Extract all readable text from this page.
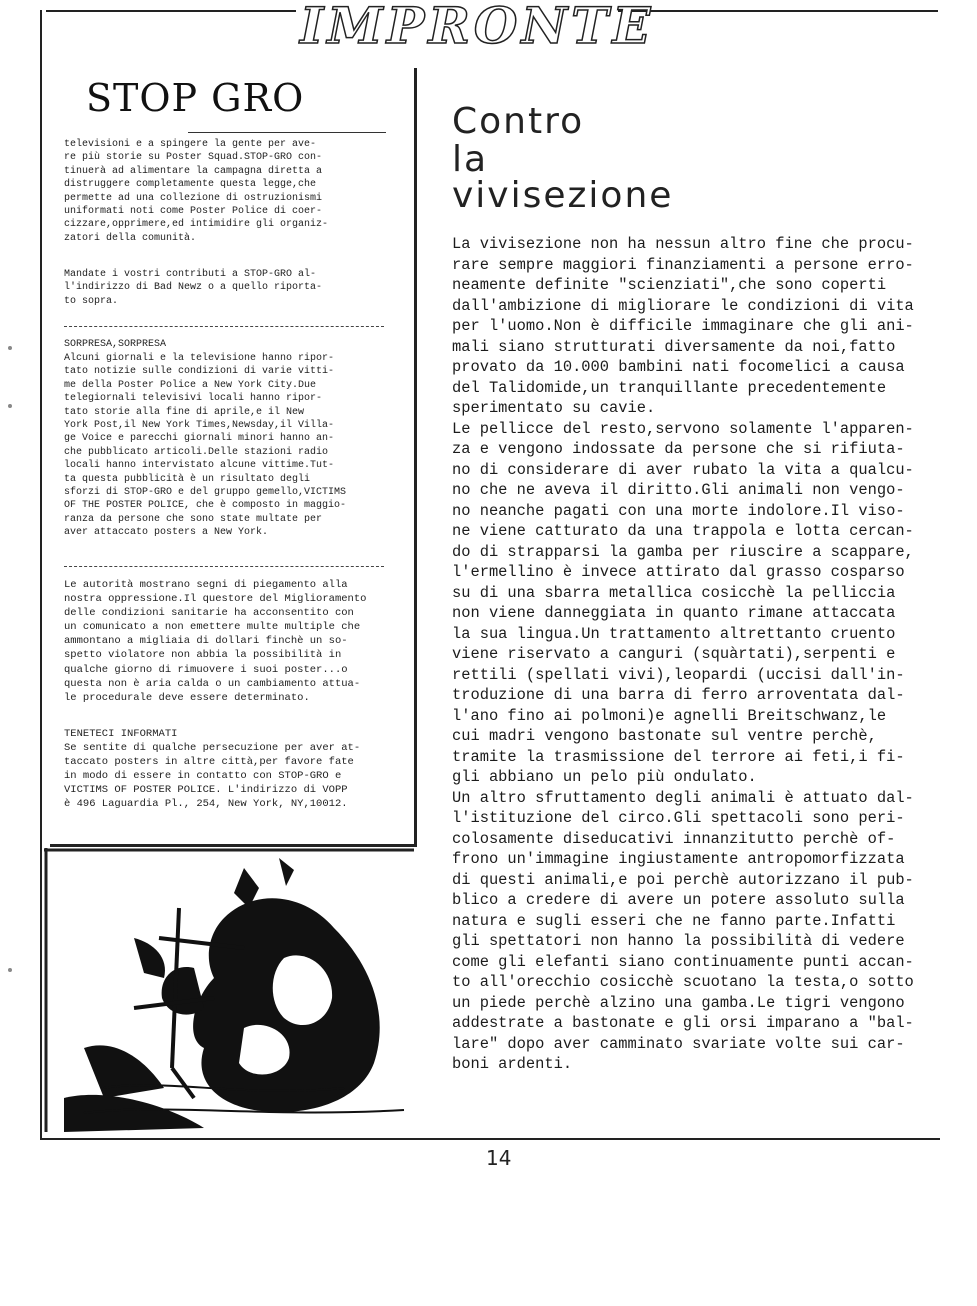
IMPRONTE
STOP GRO
televisioni e a spingere la gente per ave-
re più storie su Poster Squad.STOP-GRO con-
tinuerà ad alimentare la campagna diretta a
distruggere completamente questa legge,che
permette ad una collezione di ostruzionismi
uniformati noti come Poster Police di coer-
cizzare,opprimere,ed intimidire gli organiz-
zatori della comunità.
Mandate i vostri contributi a STOP-GRO al-
l'indirizzo di Bad Newz o a quello riporta-
to sopra.
SORPRESA,SORPRESA
Alcuni giornali e la televisione hanno ripor-
tato notizie sulle condizioni di varie vitti-
me della Poster Police a New York City.Due
telegiornali televisivi locali hanno ripor-
tato storie alla fine di aprile,e il New
York Post,il New York Times,Newsday,il Villa-
ge Voice e parecchi giornali minori hanno an-
che pubblicato articoli.Delle stazioni radio
locali hanno intervistato alcune vittime.Tut-
ta questa pubblicità è un risultato degli
sforzi di STOP-GRO e del gruppo gemello,VICTIMS
OF THE POSTER POLICE, che è composto in maggio-
ranza da persone che sono state multate per
aver attaccato posters a New York.
Le autorità mostrano segni di piegamento alla
nostra oppressione.Il questore del Miglioramento
delle condizioni sanitarie ha acconsentito con
un comunicato a non emettere multe multiple che
ammontano a migliaia di dollari finchè un so-
spetto violatore non abbia la possibilità in
qualche giorno di rimuovere i suoi poster...o
questa non è aria calda o un cambiamento attua-
le procedurale deve essere determinato.
TENETECI INFORMATI
Se sentite di qualche persecuzione per aver at-
taccato posters in altre città,per favore fate
in modo di essere in contatto con STOP-GRO e
VICTIMS OF POSTER POLICE. L'indirizzo di VOPP
è 496 Laguardia Pl., 254, New York, NY,10012.
Contro
la
vivisezione
La vivisezione non ha nessun altro fine che procu-
rare sempre maggiori finanziamenti a persone erro-
neamente definite "scienziati",che sono coperti
dall'ambizione di migliorare le condizioni di vita
per l'uomo.Non è difficile immaginare che gli ani-
mali siano strutturati diversamente da noi,fatto
provato da 10.000 bambini nati focomelici a causa
del Talidomide,un tranquillante precedentemente
sperimentato su cavie.
Le pellicce del resto,servono solamente l'apparen-
za e vengono indossate da persone che si rifiuta-
no di considerare di aver rubato la vita a qualcu-
no che ne aveva il diritto.Gli animali non vengo-
no neanche pagati con una morte indolore.Il viso-
ne viene catturato da una trappola e lotta cercan-
do di strapparsi la gamba per riuscire a scappare,
l'ermellino è invece attirato dal grasso cosparso
su di una sbarra metallica cosicchè la pelliccia
non viene danneggiata in quanto rimane attaccata
la sua lingua.Un trattamento altrettanto cruento
viene riservato a canguri (squàrtati),serpenti e
rettili (spellati vivi),leopardi (uccisi dall'in-
troduzione di una barra di ferro arroventata dal-
l'ano fino ai polmoni)e agnelli Breitschwanz,le
cui madri vengono bastonate sul ventre perchè,
tramite la trasmissione del terrore ai feti,i fi-
gli abbiano un pelo più ondulato.
Un altro sfruttamento degli animali è attuato dal-
l'istituzione del circo.Gli spettacoli sono peri-
colosamente diseducativi innanzitutto perchè of-
frono un'immagine ingiustamente antropomorfizzata
di questi animali,e poi perchè autorizzano il pub-
blico a credere di avere un potere assoluto sulla
natura e sugli esseri che ne fanno parte.Infatti
gli spettatori non hanno la possibilità di vedere
come gli elefanti siano continuamente punti accan-
to all'orecchio cosicchè scuotano la testa,o sotto
un piede perchè alzino una gamba.Le tigri vengono
addestrate a bastonate e gli orsi imparano a "bal-
lare" dopo aver camminato svariate volte sui car-
boni ardenti.
14
